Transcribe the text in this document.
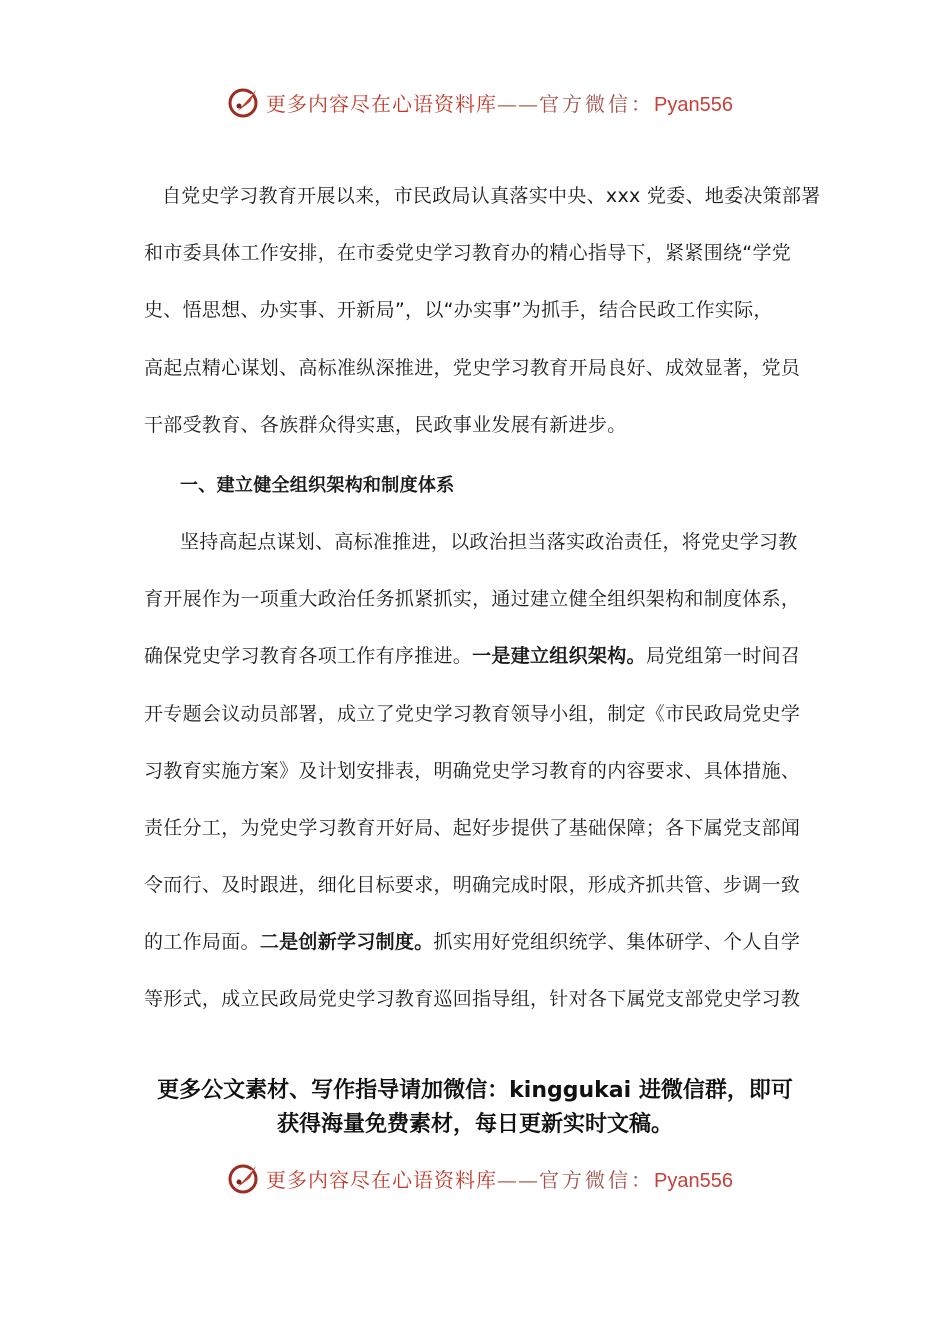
更多内容尽在心语资料库——官方微信：Pyan556
自党史学习教育开展以来，市民政局认真落实中央、xxx 党委、地委决策部署
和市委具体工作安排，在市委党史学习教育办的精心指导下，紧紧围绕“学党
史、悟思想、办实事、开新局”，以“办实事”为抓手，结合民政工作实际，
高起点精心谋划、高标准纵深推进，党史学习教育开局良好、成效显著，党员
干部受教育、各族群众得实惠，民政事业发展有新进步。
一、建立健全组织架构和制度体系
坚持高起点谋划、高标准推进，以政治担当落实政治责任，将党史学习教
育开展作为一项重大政治任务抓紧抓实，通过建立健全组织架构和制度体系，
确保党史学习教育各项工作有序推进。一是建立组织架构。局党组第一时间召
开专题会议动员部署，成立了党史学习教育领导小组，制定《市民政局党史学
习教育实施方案》及计划安排表，明确党史学习教育的内容要求、具体措施、
责任分工，为党史学习教育开好局、起好步提供了基础保障；各下属党支部闻
令而行、及时跟进，细化目标要求，明确完成时限，形成齐抓共管、步调一致
的工作局面。二是创新学习制度。抓实用好党组织统学、集体研学、个人自学
等形式，成立民政局党史学习教育巡回指导组，针对各下属党支部党史学习教
更多公文素材、写作指导请加微信：kinggukai 进微信群，即可
获得海量免费素材，每日更新实时文稿。
更多内容尽在心语资料库——官方微信：Pyan556
